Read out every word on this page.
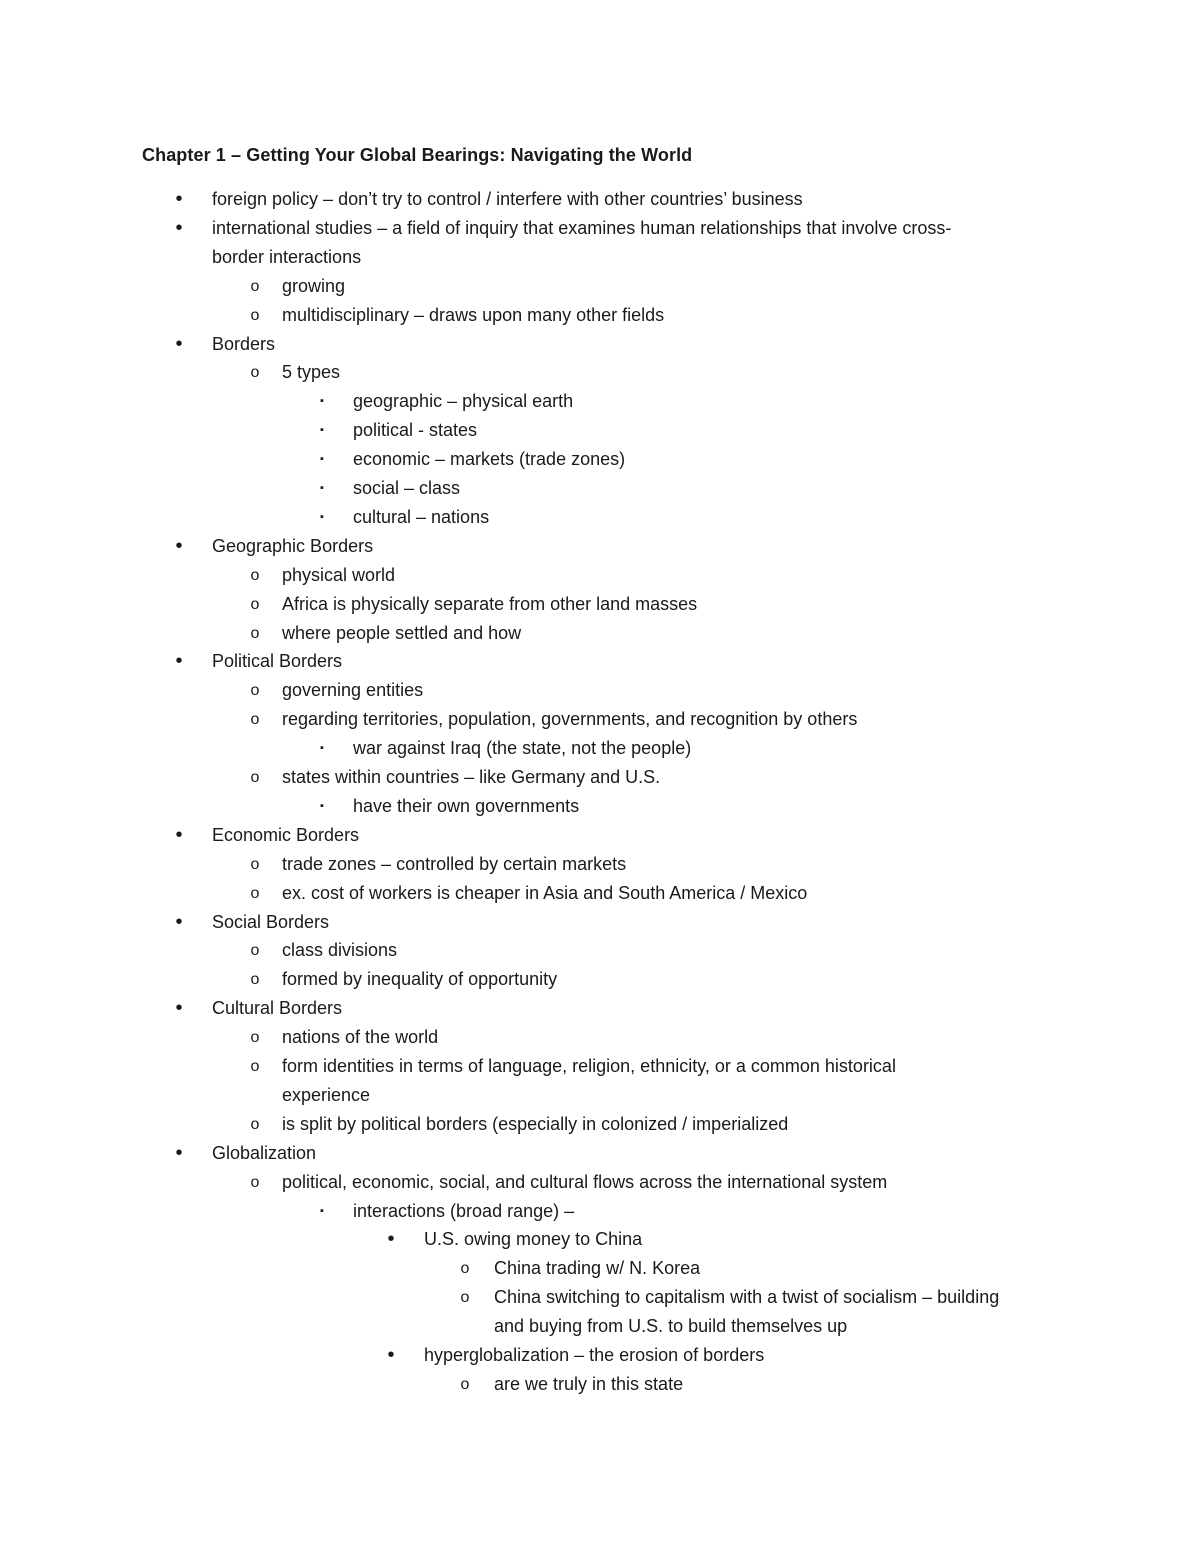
Chapter 1 – Getting Your Global Bearings: Navigating the World
•	foreign policy – don’t try to control / interfere with other countries’ business
•	international studies – a field of inquiry that examines human relationships that involve cross-
border interactions
o growing
o multidisciplinary – draws upon many other fields
•	Borders
o 5 types
▪	geographic – physical earth
▪	political - states
▪	economic – markets (trade zones)
▪	social – class
▪	cultural – nations
•	Geographic Borders
o physical world
o Africa is physically separate from other land masses
o where people settled and how
•	Political Borders
o governing entities
o regarding territories, population, governments, and recognition by others
▪	war against Iraq (the state, not the people)
o states within countries – like Germany and U.S.
▪	have their own governments
•	Economic Borders
o trade zones – controlled by certain markets
o ex. cost of workers is cheaper in Asia and South America / Mexico
•	Social Borders
o class divisions
o formed by inequality of opportunity
•	Cultural Borders
o nations of the world
o form identities in terms of language, religion, ethnicity, or a common historical
experience
o is split by political borders (especially in colonized / imperialized
•	Globalization
o political, economic, social, and cultural flows across the international system
▪	interactions (broad range) –
•	U.S. owing money to China
o China trading w/ N. Korea
o China switching to capitalism with a twist of socialism – building
and buying from U.S. to build themselves up
•	hyperglobalization – the erosion of borders
o are we truly in this state
